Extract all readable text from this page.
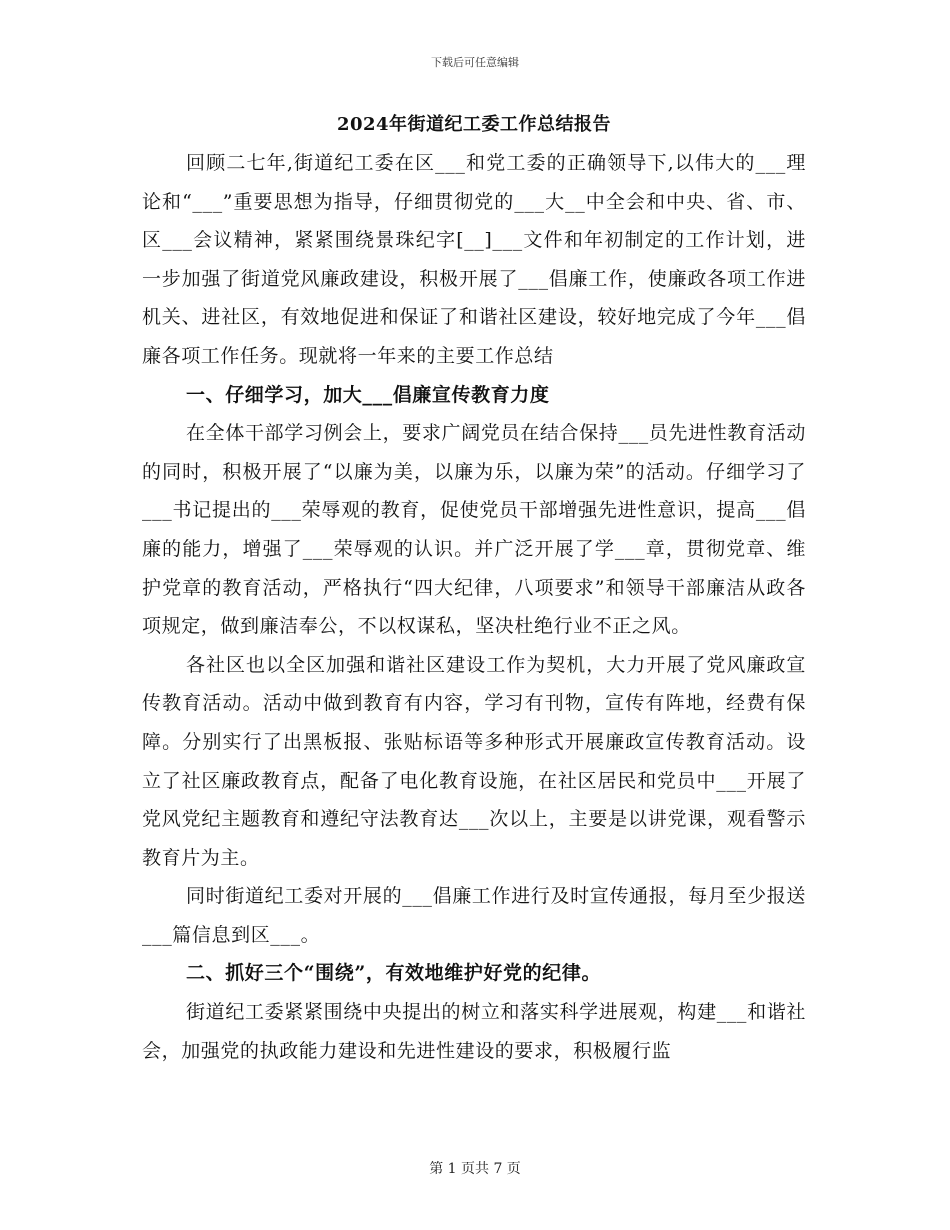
下载后可任意编辑
2024年街道纪工委工作总结报告

回顾二七年,街道纪工委在区___和党工委的正确领导下,以伟大的___理论和“___”重要思想为指导，仔细贯彻党的___大__中全会和中央、省、市、区___会议精神，紧紧围绕景珠纪字[__]___文件和年初制定的工作计划，进一步加强了街道党风廉政建设，积极开展了___倡廉工作，使廉政各项工作进机关、进社区，有效地促进和保证了和谐社区建设，较好地完成了今年___倡廉各项工作任务。现就将一年来的主要工作总结

一、仔细学习，加大___倡廉宣传教育力度

在全体干部学习例会上，要求广阔党员在结合保持___员先进性教育活动的同时，积极开展了“以廉为美，以廉为乐，以廉为荣”的活动。仔细学习了___书记提出的___荣辱观的教育，促使党员干部增强先进性意识，提高___倡廉的能力，增强了___荣辱观的认识。并广泛开展了学___章，贯彻党章、维护党章的教育活动，严格执行“四大纪律，八项要求”和领导干部廉洁从政各项规定，做到廉洁奉公，不以权谋私，坚决杜绝行业不正之风。

各社区也以全区加强和谐社区建设工作为契机，大力开展了党风廉政宣传教育活动。活动中做到教育有内容，学习有刊物，宣传有阵地，经费有保障。分别实行了出黑板报、张贴标语等多种形式开展廉政宣传教育活动。设立了社区廉政教育点，配备了电化教育设施，在社区居民和党员中___开展了党风党纪主题教育和遵纪守法教育达___次以上，主要是以讲党课，观看警示教育片为主。

同时街道纪工委对开展的___倡廉工作进行及时宣传通报，每月至少报送___篇信息到区___。

二、抓好三个“围绕”，有效地维护好党的纪律。

街道纪工委紧紧围绕中央提出的树立和落实科学进展观，构建___和谐社会，加强党的执政能力建设和先进性建设的要求，积极履行监

第 1 页共 7 页
